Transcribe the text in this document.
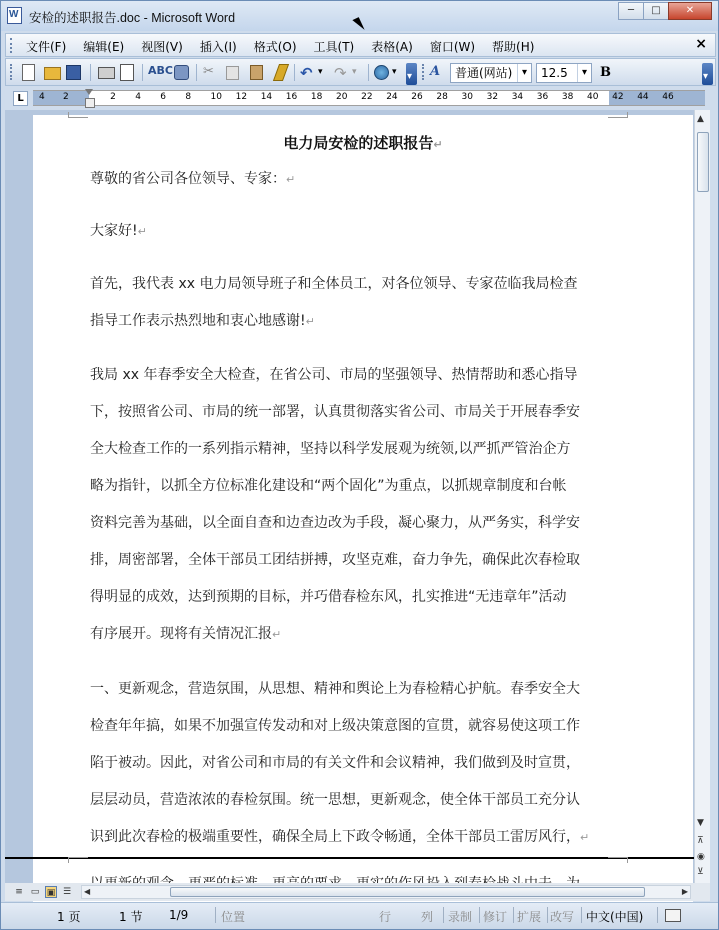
W
安检的述职报告.doc - Microsoft Word
─	□	✕
文件(F) 编辑(E) 视图(V) 插入(I) 格式(O) 工具(T) 表格(A) 窗口(W) 帮助(H)	×
ABC ✂	↶ ▾ ↷ ▾	▾
▾	A	普通(网站) ▾	12.5	▾ B
▾
L	4 2	2 4 6 8 10 12 14 16 18 20 22 24 26 28 30 32 34 36 38 40 42 44 46
电力局安检的述职报告↵
尊敬的省公司各位领导、专家：↵
大家好!↵
首先，我代表 xx 电力局领导班子和全体员工，对各位领导、专家莅临我局检查
指导工作表示热烈地和衷心地感谢!↵
我局 xx 年春季安全大检查，在省公司、市局的坚强领导、热情帮助和悉心指导
下，按照省公司、市局的统一部署，认真贯彻落实省公司、市局关于开展春季安
全大检查工作的一系列指示精神，坚持以科学发展观为统领,以严抓严管治企方
略为指针，以抓全方位标准化建设和“两个固化”为重点，以抓规章制度和台帐
资料完善为基础，以全面自查和边查边改为手段，凝心聚力，从严务实，科学安
排，周密部署，全体干部员工团结拼搏，攻坚克难，奋力争先，确保此次春检取
得明显的成效，达到预期的目标，并巧借春检东风，扎实推进“无违章年”活动
有序展开。现将有关情况汇报↵
一、更新观念，营造氛围，从思想、精神和舆论上为春检精心护航。春季安全大
检查年年搞，如果不加强宣传发动和对上级决策意图的宣贯，就容易使这项工作
陷于被动。因此，对省公司和市局的有关文件和会议精神，我们做到及时宣贯，
层层动员，营造浓浓的春检氛围。统一思想，更新观念，使全体干部员工充分认
识到此次春检的极端重要性，确保全局上下政令畅通，全体干部员工雷厉风行，↵
▲
▼
⊼
◉
⊻
≡ ▭ ▣ ☰ ◀	▶
1 页	1 节 1/9	位置	行 列 录制 修订 扩展 改写 中文(中国)
